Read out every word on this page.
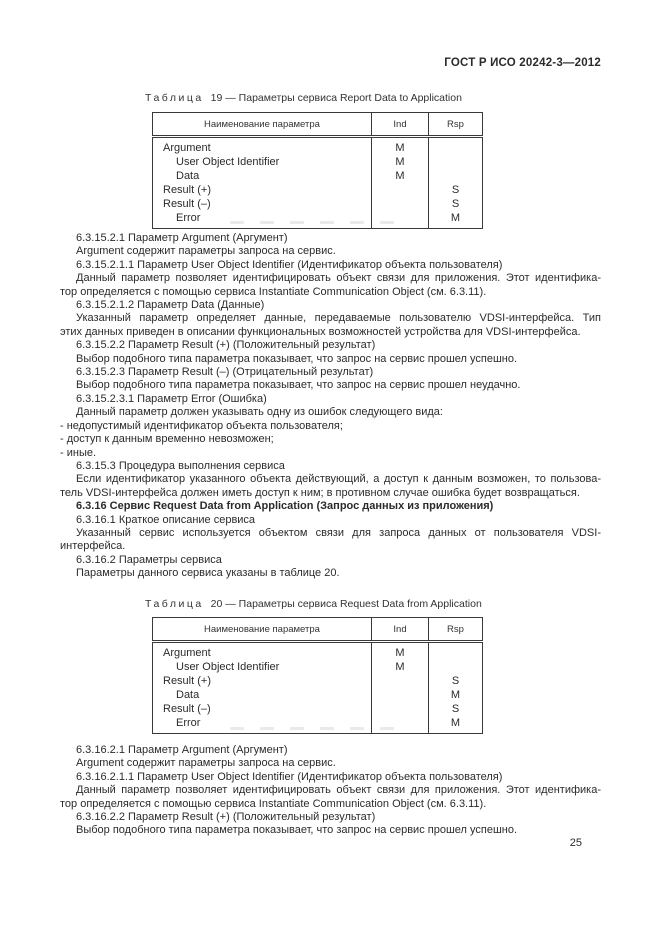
ГОСТ Р ИСО 20242-3—2012
Таблица 19 — Параметры сервиса Report Data to Application
Наименование параметра	Ind	Rsp
Argument	M	
User Object Identifier	M	
Data	M	
Result (+)		S
Result (–)		S
Error		M
6.3.15.2.1 Параметр Argument (Аргумент)
Argument содержит параметры запроса на сервис.
6.3.15.2.1.1 Параметр User Object Identifier (Идентификатор объекта пользователя)
Данный параметр позволяет идентифицировать объект связи для приложения. Этот идентифика-
тор определяется с помощью сервиса Instantiate Communication Object (см. 6.3.11).
6.3.15.2.1.2 Параметр Data (Данные)
Указанный параметр определяет данные, передаваемые пользователю VDSI-интерфейса. Тип
этих данных приведен в описании функциональных возможностей устройства для VDSI-интерфейса.
6.3.15.2.2 Параметр Result (+) (Положительный результат)
Выбор подобного типа параметра показывает, что запрос на сервис прошел успешно.
6.3.15.2.3 Параметр Result (–) (Отрицательный результат)
Выбор подобного типа параметра показывает, что запрос на сервис прошел неудачно.
6.3.15.2.3.1 Параметр Error (Ошибка)
Данный параметр должен указывать одну из ошибок следующего вида:
- недопустимый идентификатор объекта пользователя;
- доступ к данным временно невозможен;
- иные.
6.3.15.3 Процедура выполнения сервиса
Если идентификатор указанного объекта действующий, а доступ к данным возможен, то пользова-
тель VDSI-интерфейса должен иметь доступ к ним; в противном случае ошибка будет возвращаться.
6.3.16 Сервис Request Data from Application (Запрос данных из приложения)
6.3.16.1 Краткое описание сервиса
Указанный сервис используется объектом связи для запроса данных от пользователя VDSI-
интерфейса.
6.3.16.2 Параметры сервиса
Параметры данного сервиса указаны в таблице 20.
Таблица 20 — Параметры сервиса Request Data from Application
Наименование параметра	Ind	Rsp
Argument	M	
User Object Identifier	M	
Result (+)		S
Data		M
Result (–)		S
Error		M
6.3.16.2.1 Параметр Argument (Аргумент)
Argument содержит параметры запроса на сервис.
6.3.16.2.1.1 Параметр User Object Identifier (Идентификатор объекта пользователя)
Данный параметр позволяет идентифицировать объект связи для приложения. Этот идентифика-
тор определяется с помощью сервиса Instantiate Communication Object (см. 6.3.11).
6.3.16.2.2 Параметр Result (+) (Положительный результат)
Выбор подобного типа параметра показывает, что запрос на сервис прошел успешно.
25
